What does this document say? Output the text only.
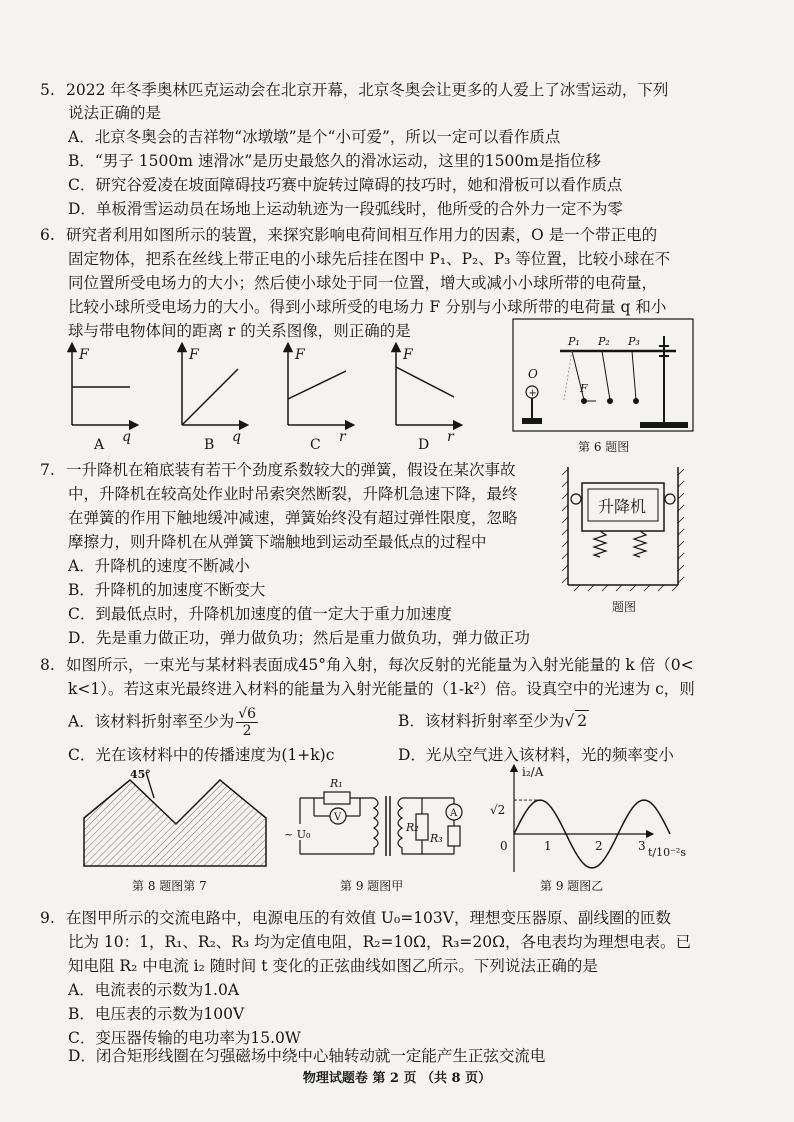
5. 2022 年冬季奥林匹克运动会在北京开幕，北京冬奥会让更多的人爱上了冰雪运动，下列
说法正确的是
A．北京冬奥会的吉祥物“冰墩墩”是个“小可爱”，所以一定可以看作质点
B．“男子 1500m 速滑冰”是历史最悠久的滑冰运动，这里的1500m是指位移
C．研究谷爱凌在坡面障碍技巧赛中旋转过障碍的技巧时，她和滑板可以看作质点
D．单板滑雪运动员在场地上运动轨迹为一段弧线时，他所受的合外力一定不为零
6. 研究者利用如图所示的装置，来探究影响电荷间相互作用力的因素，O 是一个带正电的
固定物体，把系在丝线上带正电的小球先后挂在图中 P₁、P₂、P₃ 等位置，比较小球在不
同位置所受电场力的大小；然后使小球处于同一位置，增大或减小小球所带的电荷量，
比较小球所受电场力的大小。得到小球所受的电场力 F 分别与小球所带的电荷量 q 和小
球与带电物体间的距离 r 的关系图像，则正确的是
F
q
A
F
q
B
F
r
C
F
r
D
P₁ P₂ P₃
F
O
+
第 6 题图
7. 一升降机在箱底装有若干个劲度系数较大的弹簧，假设在某次事故
中，升降机在较高处作业时吊索突然断裂，升降机急速下降，最终
在弹簧的作用下触地缓冲减速，弹簧始终没有超过弹性限度，忽略
摩擦力，则升降机在从弹簧下端触地到运动至最低点的过程中
A．升降机的速度不断减小
B．升降机的加速度不断变大
C．到最低点时，升降机加速度的值一定大于重力加速度
D．先是重力做正功，弹力做负功；然后是重力做负功，弹力做正功
升降机
题图
8. 如图所示，一束光与某材料表面成45°角入射，每次反射的光能量为入射光能量的 k 倍（0<
k<1）。若这束光最终进入材料的能量为入射光能量的（1-k²）倍。设真空中的光速为 c，则
A．该材料折射率至少为 $\frac{√6}{2}$	B．该材料折射率至少为√ 2
C．光在该材料中的传播速度为(1+k)c	D．光从空气进入该材料，光的频率变小
45°
第 8 题图第 7
R₁
V
~ U₀
R₂
A
R₃
第 9 题图甲
i₂/A
t/10⁻²s
√2
0	1	2	3
第 9 题图乙
9. 在图甲所示的交流电路中，电源电压的有效值 U₀=103V，理想变压器原、副线圈的匝数
比为 10：1，R₁、R₂、R₃ 均为定值电阻，R₂=10Ω，R₃=20Ω，各电表均为理想电表。已
知电阻 R₂ 中电流 i₂ 随时间 t 变化的正弦曲线如图乙所示。下列说法正确的是
A．电流表的示数为1.0A
B．电压表的示数为100V
C．变压器传输的电功率为15.0W
D．闭合矩形线圈在匀强磁场中绕中心轴转动就一定能产生正弦交流电
物理试题卷 第 2 页 （共 8 页）
